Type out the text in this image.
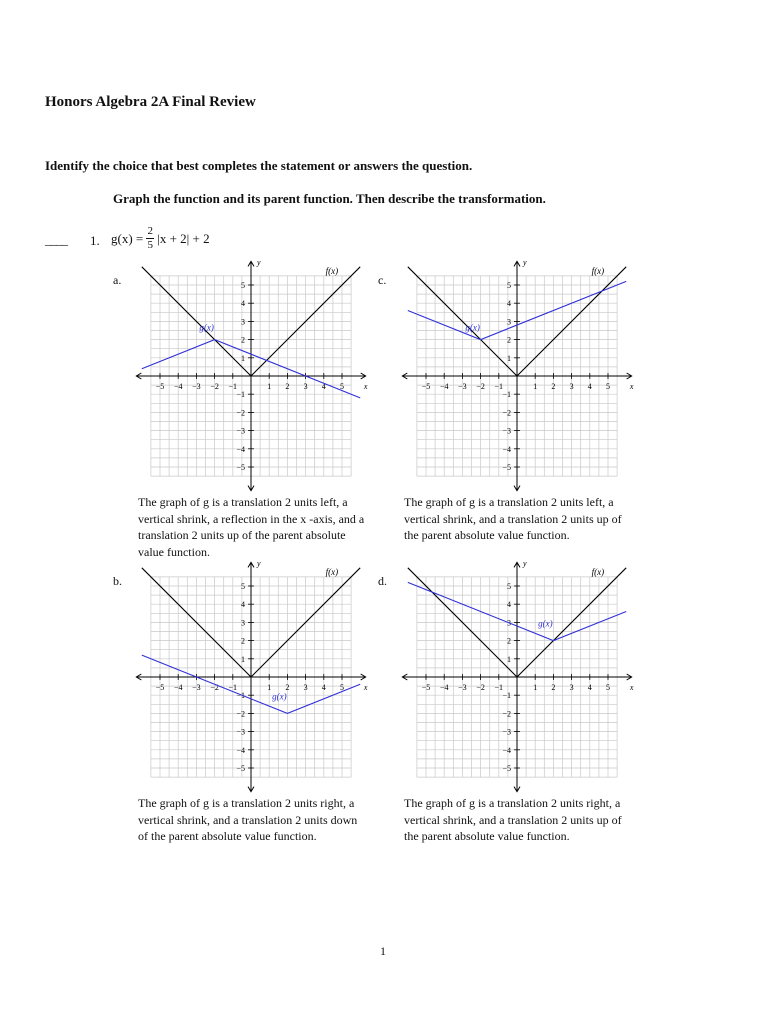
Honors Algebra 2A Final Review
Identify the choice that best completes the statement or answers the question.
Graph the function and its parent function. Then describe the transformation.
____ 1. $g(x) = \frac{2}{5} |x + 2| + 2$
a.
−5 −4 −3 −2 −1	1 2 3 4 5
−5
−4
−3
−2
−1
1
2
3
4
5
x
y
f(x)
g(x)
The graph of g is a translation 2 units left, a vertical shrink, a reflection in the x -axis, and a translation 2 units up of the parent absolute value function.
c.
−5 −4 −3 −2 −1	1 2 3 4 5
−5
−4
−3
−2
−1
1
2
3
4
5
x
y
f(x)
g(x)
The graph of g is a translation 2 units left, a vertical shrink, and a translation 2 units up of the parent absolute value function.
b.
−5 −4 −3 −2 −1	1 2 3 4 5
−5
−4
−3
−2
−1
1
2
3
4
5
x
y
f(x)
g(x)
The graph of g is a translation 2 units right, a vertical shrink, and a translation 2 units down of the parent absolute value function.
d.
−5 −4 −3 −2 −1	1 2 3 4 5
−5
−4
−3
−2
−1
1
2
3
4
5
x
y
f(x)
g(x)
The graph of g is a translation 2 units right, a vertical shrink, and a translation 2 units up of the parent absolute value function.
1
